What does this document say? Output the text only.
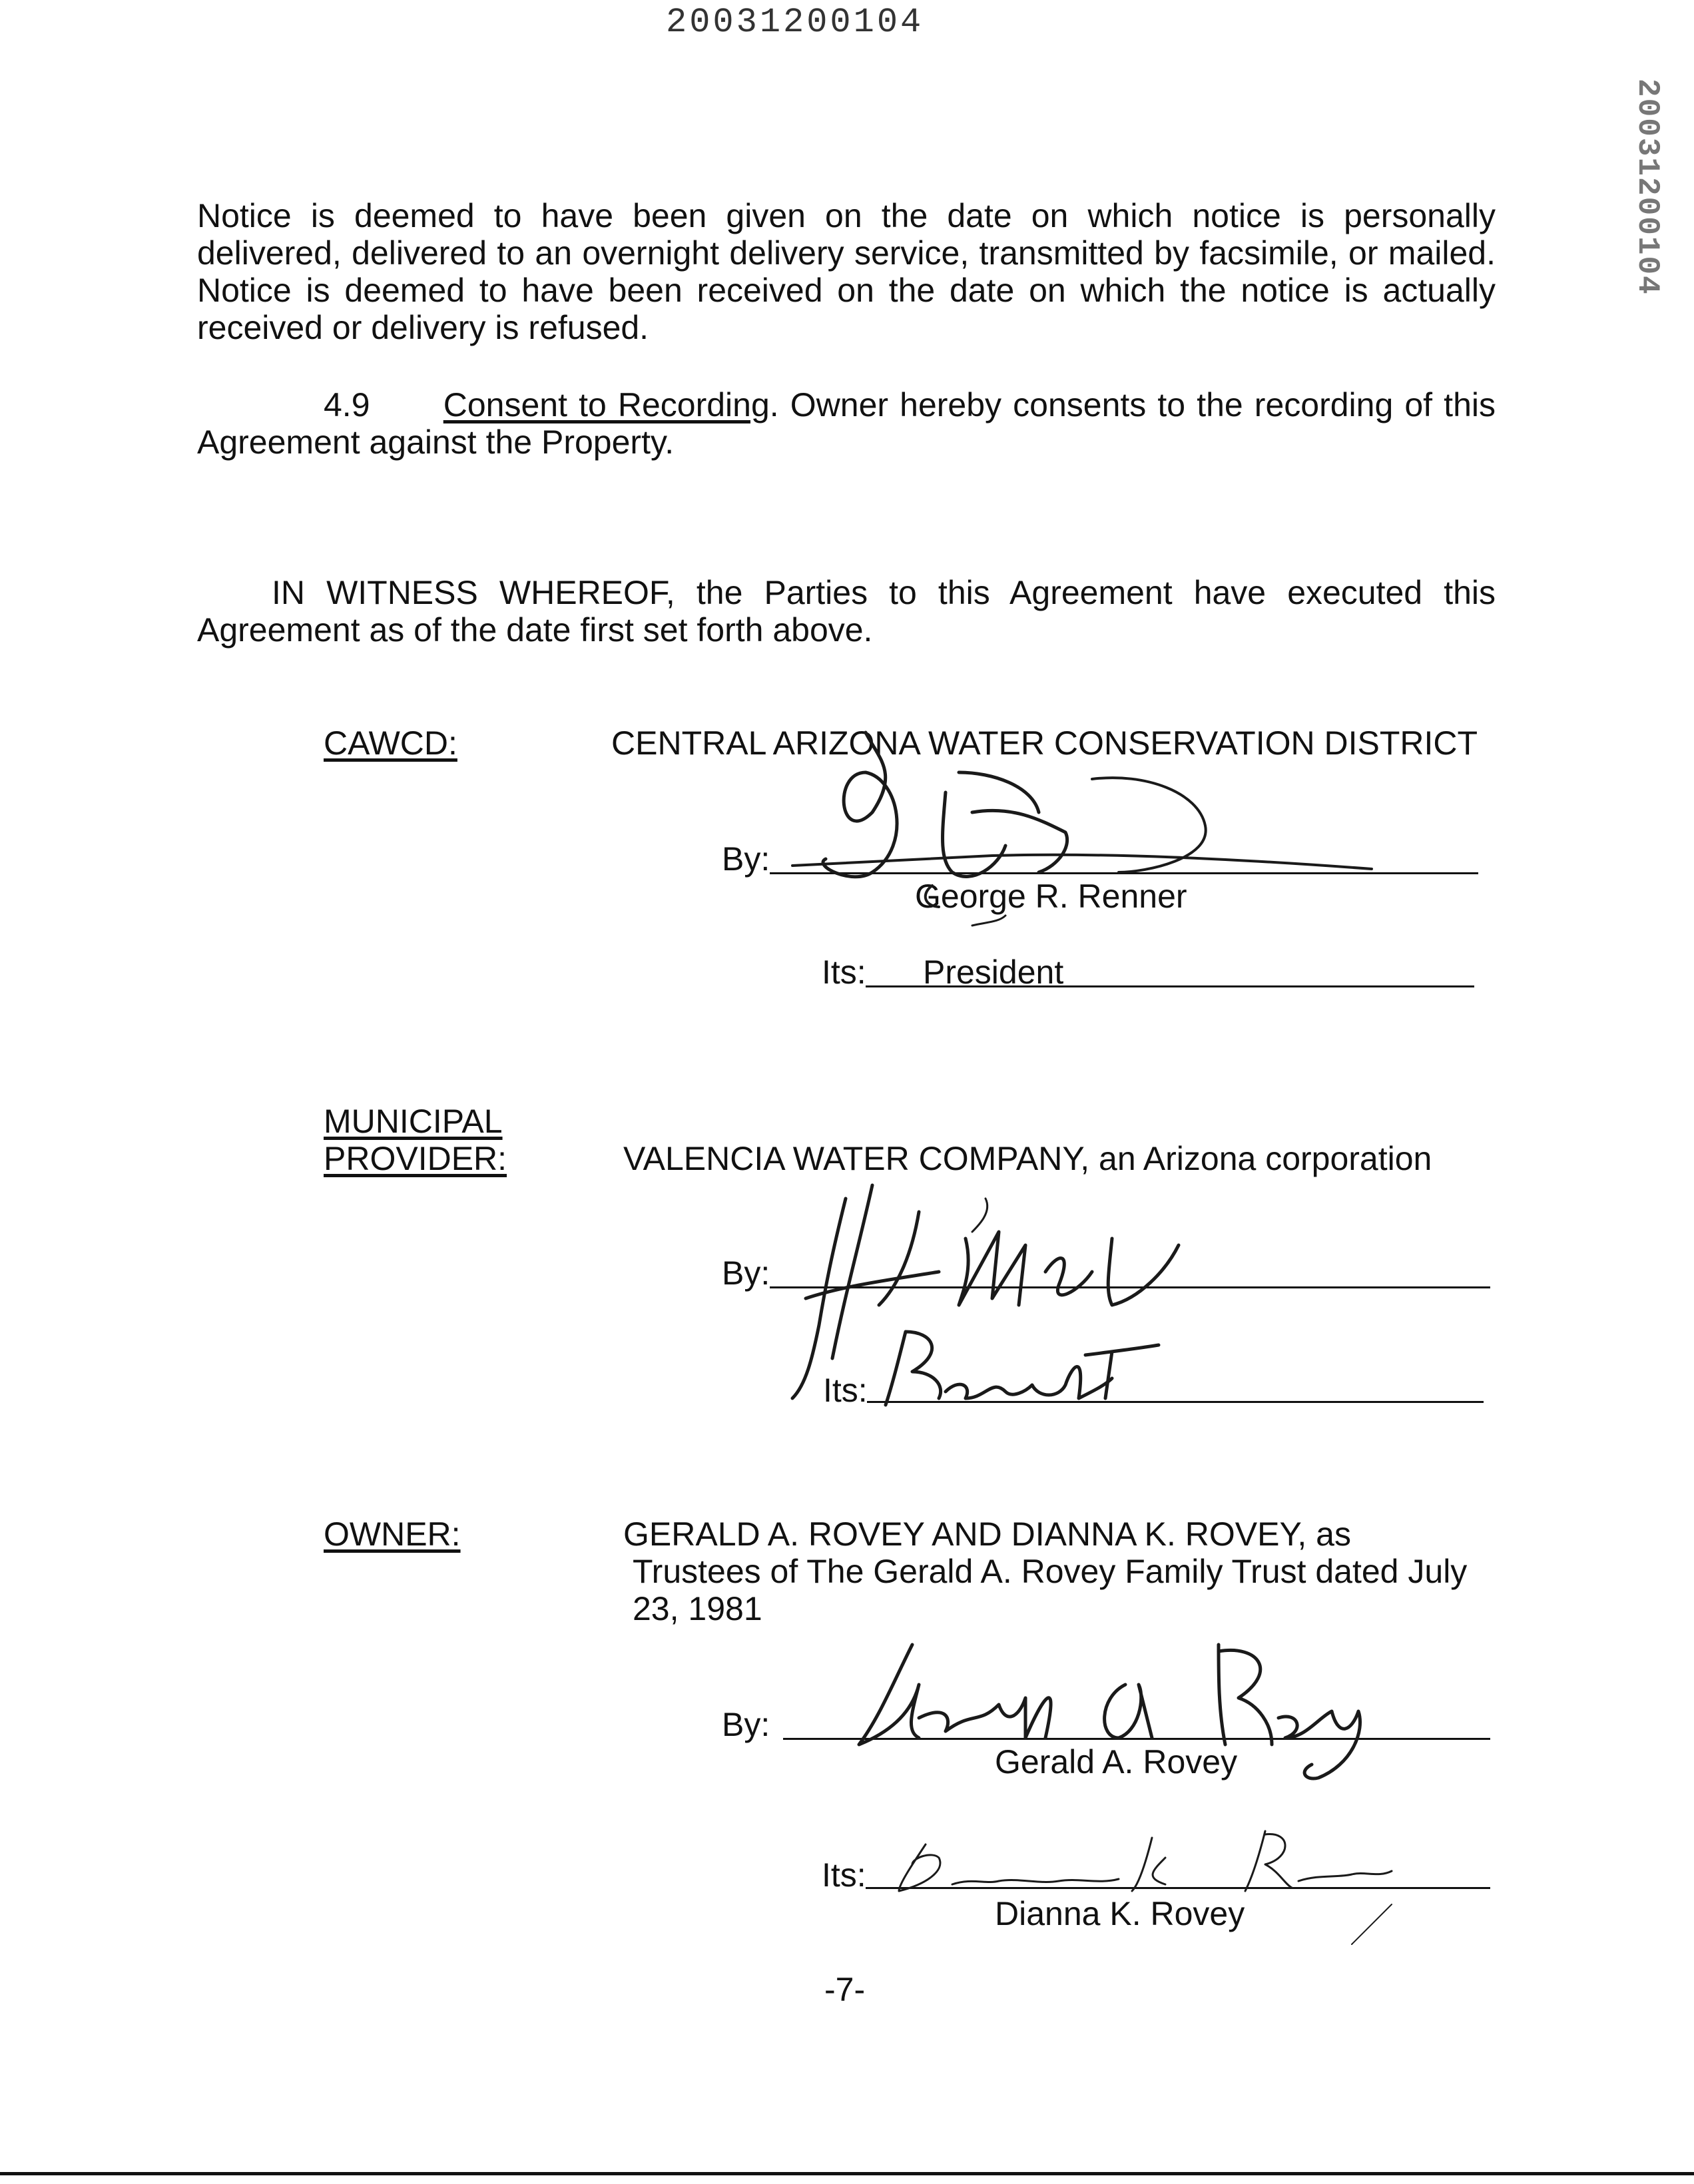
20031200104
20031200104
Notice is deemed to have been given on the date on which notice is personally delivered, delivered to an overnight delivery service, transmitted by facsimile, or mailed. Notice is deemed to have been received on the date on which the notice is actually received or delivery is refused.
4.9 Consent to Recording. Owner hereby consents to the recording of this Agreement against the Property.
IN WITNESS WHEREOF, the Parties to this Agreement have executed this Agreement as of the date first set forth above.
CAWCD:	CENTRAL ARIZONA WATER CONSERVATION DISTRICT
By:
George R. Renner
Its: President
MUNICIPAL
PROVIDER:	VALENCIA WATER COMPANY, an Arizona corporation
By:
Its:
OWNER:	GERALD A. ROVEY AND DIANNA K. ROVEY, as
Trustees of The Gerald A. Rovey Family Trust dated July
23, 1981
By:
Gerald A. Rovey
Its:
Dianna K. Rovey
-7-
